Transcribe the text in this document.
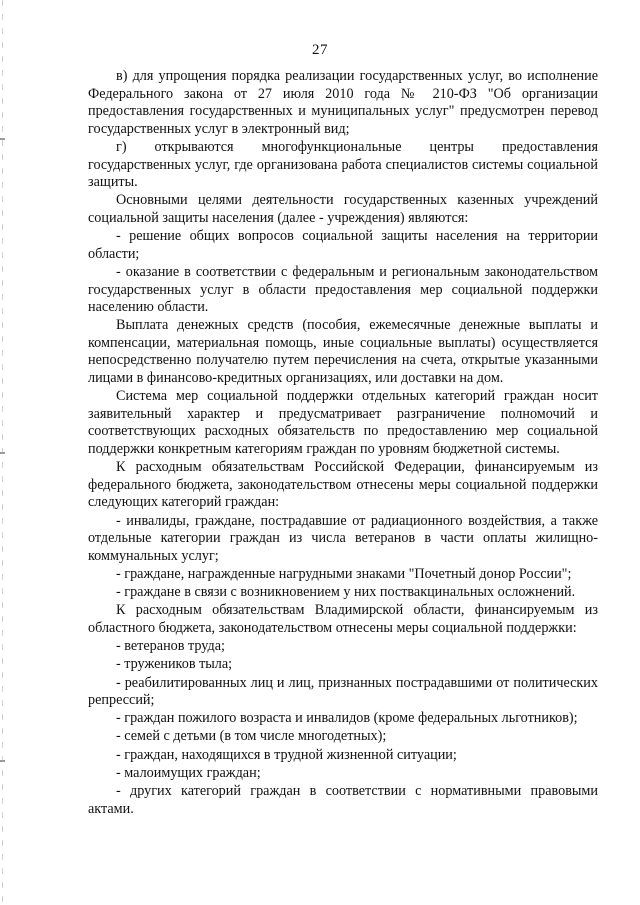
27

в) для упрощения порядка реализации государственных услуг, во исполнение Федерального закона от 27 июля 2010 года № 210-ФЗ "Об организации предоставления государственных и муниципальных услуг" предусмотрен перевод государственных услуг в электронный вид;

г) открываются многофункциональные центры предоставления государственных услуг, где организована работа специалистов системы социальной защиты.

Основными целями деятельности государственных казенных учреждений социальной защиты населения (далее - учреждения) являются:

- решение общих вопросов социальной защиты населения на территории области;

- оказание в соответствии с федеральным и региональным законодательством государственных услуг в области предоставления мер социальной поддержки населению области.

Выплата денежных средств (пособия, ежемесячные денежные выплаты и компенсации, материальная помощь, иные социальные выплаты) осуществляется непосредственно получателю путем перечисления на счета, открытые указанными лицами в финансово-кредитных организациях, или доставки на дом.

Система мер социальной поддержки отдельных категорий граждан носит заявительный характер и предусматривает разграничение полномочий и соответствующих расходных обязательств по предоставлению мер социальной поддержки конкретным категориям граждан по уровням бюджетной системы.

К расходным обязательствам Российской Федерации, финансируемым из федерального бюджета, законодательством отнесены меры социальной поддержки следующих категорий граждан:

- инвалиды, граждане, пострадавшие от радиационного воздействия, а также отдельные категории граждан из числа ветеранов в части оплаты жилищно-коммунальных услуг;

- граждане, награжденные нагрудными знаками "Почетный донор России";

- граждане в связи с возникновением у них поствакцинальных осложнений.

К расходным обязательствам Владимирской области, финансируемым из областного бюджета, законодательством отнесены меры социальной поддержки:

- ветеранов труда;

- тружеников тыла;

- реабилитированных лиц и лиц, признанных пострадавшими от политических репрессий;

- граждан пожилого возраста и инвалидов (кроме федеральных льготников);

- семей с детьми (в том числе многодетных);

- граждан, находящихся в трудной жизненной ситуации;

- малоимущих граждан;

- других категорий граждан в соответствии с нормативными правовыми актами.
